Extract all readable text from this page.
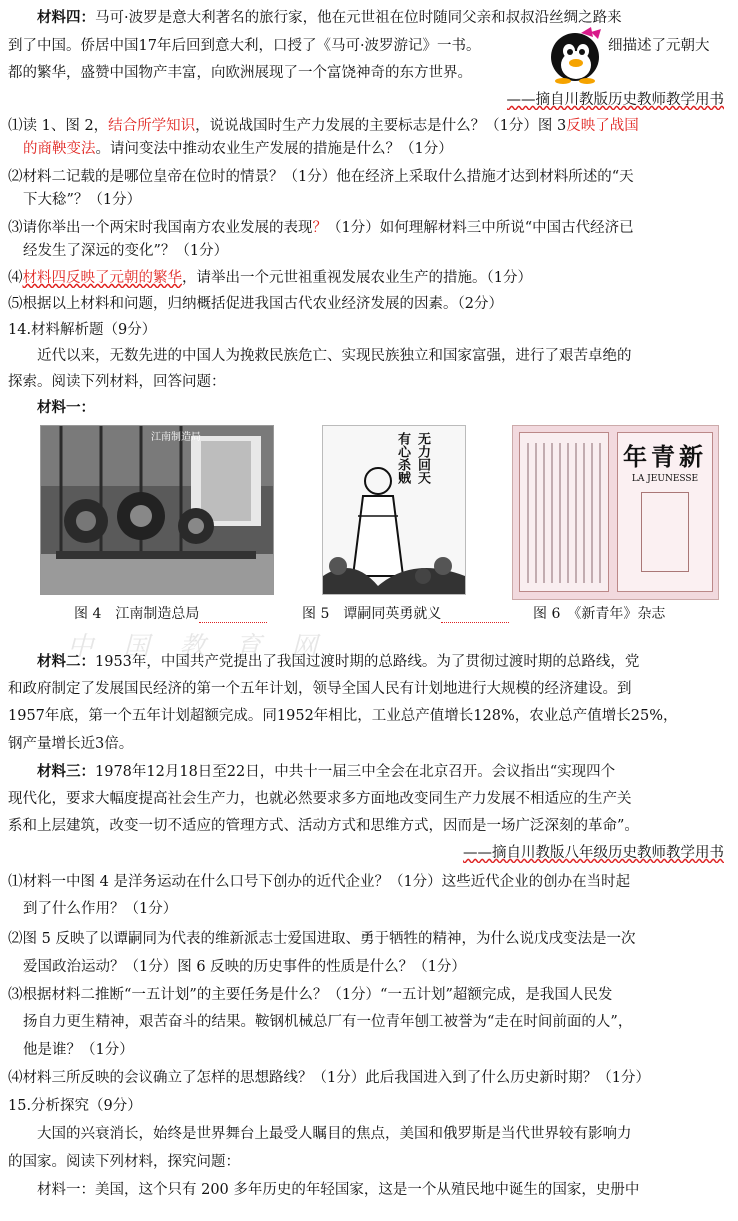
材料四：马可·波罗是意大利著名的旅行家，他在元世祖在位时随同父亲和叔叔沿丝绸之路来
到了中国。侨居中国17年后回到意大利，口授了《马可·波罗游记》一书。	细描述了元朝大
都的繁华，盛赞中国物产丰富，向欧洲展现了一个富饶神奇的东方世界。
——摘自川教版历史教师教学用书
⑴读 1、图 2，结合所学知识，说说战国时生产力发展的主要标志是什么？（1分）图 3反映了战国
的商鞅变法。请问变法中推动农业生产发展的措施是什么？（1分）
⑵材料二记载的是哪位皇帝在位时的情景？（1分）他在经济上采取什么措施才达到材料所述的“天
下大稔”？（1分）
⑶请你举出一个两宋时我国南方农业发展的表现？（1分）如何理解材料三中所说“中国古代经济已
经发生了深远的变化”？（1分）
⑷材料四反映了元朝的繁华，请举出一个元世祖重视发展农业生产的措施。（1分）
⑸根据以上材料和问题，归纳概括促进我国古代农业经济发展的因素。（2分）
14.材料解析题（9分）
近代以来，无数先进的中国人为挽救民族危亡、实现民族独立和国家富强，进行了艰苦卓绝的
探索。阅读下列材料，回答问题：
材料一：
江南制造局	有心杀贼 无力回天	年青新
LA JEUNESSE
图 4　江南制造总局	图 5　谭嗣同英勇就义	图 6　《新青年》杂志
中国教育网
材料二：1953年，中国共产党提出了我国过渡时期的总路线。为了贯彻过渡时期的总路线，党
和政府制定了发展国民经济的第一个五年计划，领导全国人民有计划地进行大规模的经济建设。到
1957年底，第一个五年计划超额完成。同1952年相比，工业总产值增长128%，农业总产值增长25%，
钢产量增长近3倍。
材料三：1978年12月18日至22日，中共十一届三中全会在北京召开。会议指出“实现四个
现代化，要求大幅度提高社会生产力，也就必然要求多方面地改变同生产力发展不相适应的生产关
系和上层建筑，改变一切不适应的管理方式、活动方式和思维方式，因而是一场广泛深刻的革命”。
——摘自川教版八年级历史教师教学用书
⑴材料一中图 4 是洋务运动在什么口号下创办的近代企业？（1分）这些近代企业的创办在当时起
到了什么作用？（1分）
⑵图 5 反映了以谭嗣同为代表的维新派志士爱国进取、勇于牺牲的精神，为什么说戊戌变法是一次
爱国政治运动？（1分）图 6 反映的历史事件的性质是什么？（1分）
⑶根据材料二推断“一五计划”的主要任务是什么？（1分）“一五计划”超额完成，是我国人民发
扬自力更生精神，艰苦奋斗的结果。鞍钢机械总厂有一位青年刨工被誉为“走在时间前面的人”，
他是谁？（1分）
⑷材料三所反映的会议确立了怎样的思想路线？（1分）此后我国进入到了什么历史新时期？（1分）
15.分析探究（9分）
大国的兴衰消长，始终是世界舞台上最受人瞩目的焦点，美国和俄罗斯是当代世界较有影响力
的国家。阅读下列材料，探究问题：
材料一：美国，这个只有 200 多年历史的年轻国家，这是一个从殖民地中诞生的国家，史册中
